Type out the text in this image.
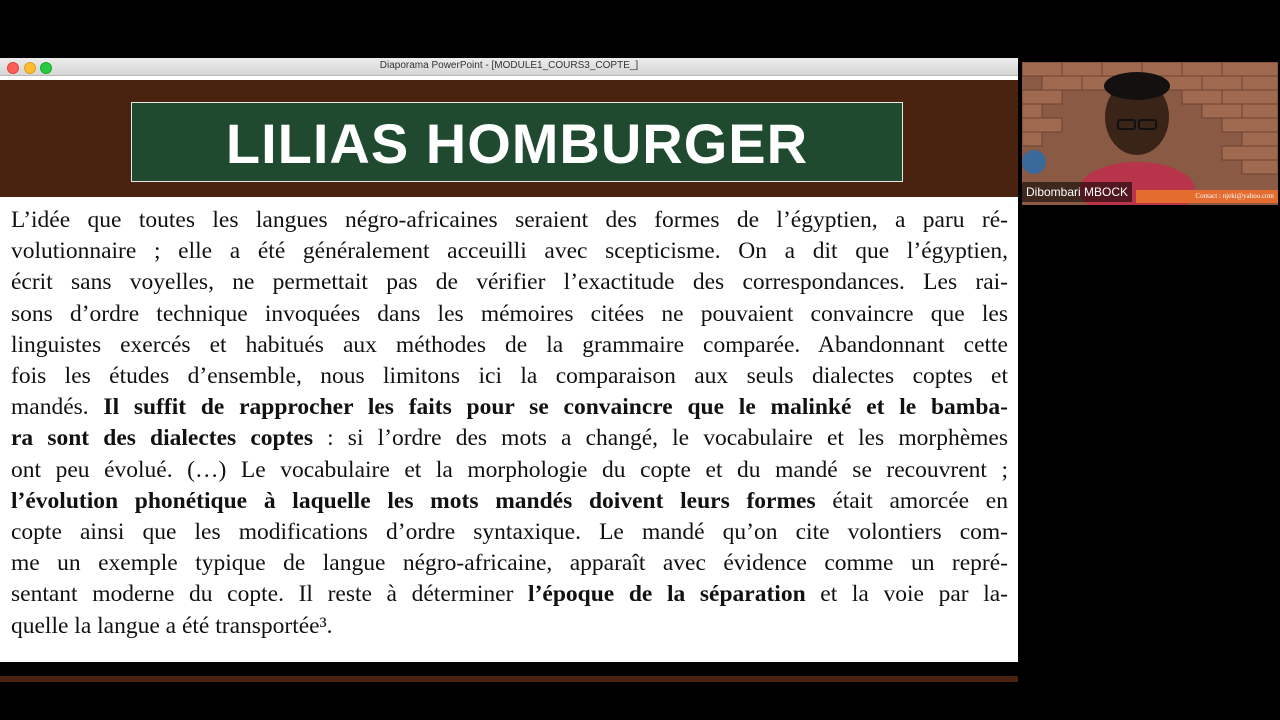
Diaporama PowerPoint - [MODULE1_COURS3_COPTE_]
LILIAS HOMBURGER
L’idée que toutes les langues négro-africaines seraient des formes de l’égyptien, a paru ré-
volutionnaire ; elle a été généralement acceuilli avec scepticisme. On a dit que l’égyptien,
écrit sans voyelles, ne permettait pas de vérifier l’exactitude des correspondances. Les rai-
sons d’ordre technique invoquées dans les mémoires citées ne pouvaient convaincre que les
linguistes exercés et habitués aux méthodes de la grammaire comparée. Abandonnant cette
fois les études d’ensemble, nous limitons ici la comparaison aux seuls dialectes coptes et
mandés. Il suffit de rapprocher les faits pour se convaincre que le malinké et le bamba-
ra sont des dialectes coptes : si l’ordre des mots a changé, le vocabulaire et les morphèmes
ont peu évolué. (…) Le vocabulaire et la morphologie du copte et du mandé se recouvrent ;
l’évolution phonétique à laquelle les mots mandés doivent leurs formes était amorcée en
copte ainsi que les modifications d’ordre syntaxique. Le mandé qu’on cite volontiers com-
me un exemple typique de langue négro-africaine, apparaît avec évidence comme un repré-
sentant moderne du copte. Il reste à déterminer l’époque de la séparation et la voie par la-
quelle la langue a été transportée³.
Dibombari MBOCK	Contact : njeki@yahoo.com
